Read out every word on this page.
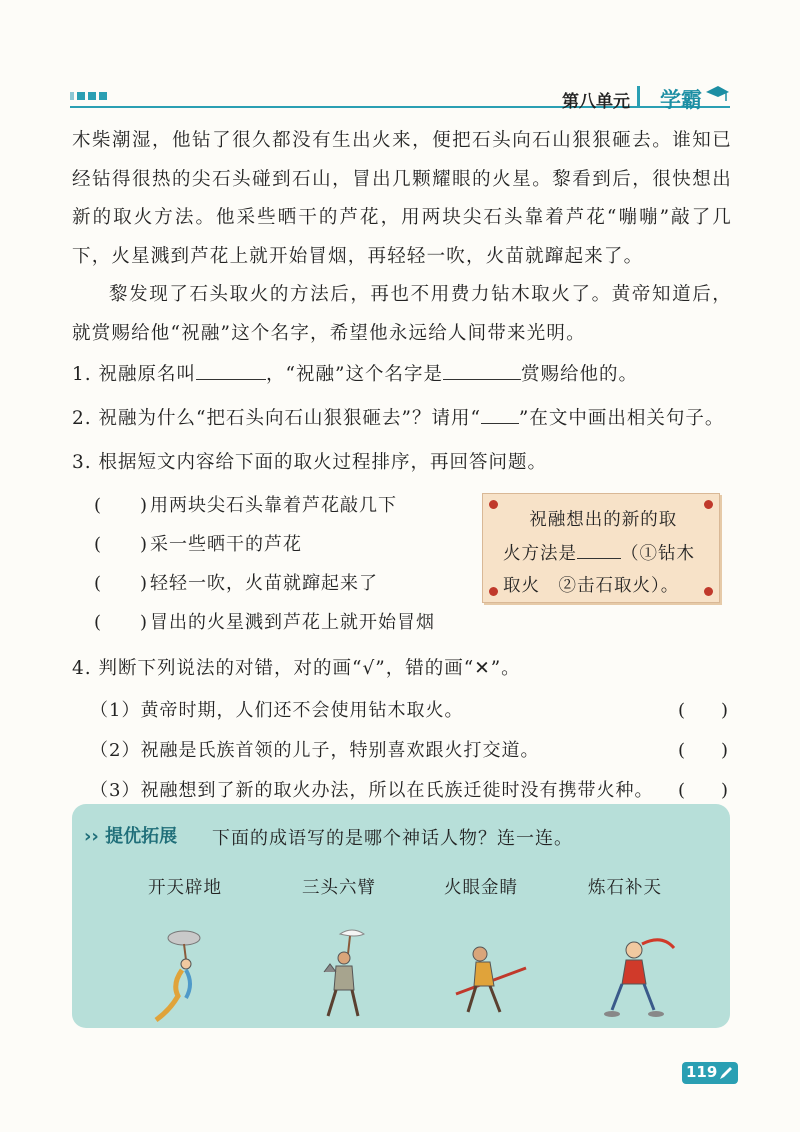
第八单元 学霸

木柴潮湿，他钻了很久都没有生出火来，便把石头向石山狠狠砸去。谁知已经钻得很热的尖石头碰到石山，冒出几颗耀眼的火星。黎看到后，很快想出新的取火方法。他采些晒干的芦花，用两块尖石头靠着芦花“嘣嘣”敲了几下，火星溅到芦花上就开始冒烟，再轻轻一吹，火苗就蹿起来了。

黎发现了石头取火的方法后，再也不用费力钻木取火了。黄帝知道后，就赏赐给他“祝融”这个名字，希望他永远给人间带来光明。

1. 祝融原名叫	，“祝融”这个名字是	赏赐给他的。
2. 祝融为什么“把石头向石山狠狠砸去”？请用“ ”在文中画出相关句子。
3. 根据短文内容给下面的取火过程排序，再回答问题。
( ) 用两块尖石头靠着芦花敲几下
( ) 采一些晒干的芦花
( ) 轻轻一吹，火苗就蹿起来了
( ) 冒出的火星溅到芦花上就开始冒烟
祝融想出的新的取
火方法是	（①钻木
取火　②击石取火）。
4. 判断下列说法的对错，对的画“√”，错的画“✕”。
（1）黄帝时期，人们还不会使用钻木取火。	(　　)
（2）祝融是氏族首领的儿子，特别喜欢跟火打交道。	(　　)
（3）祝融想到了新的取火办法，所以在氏族迁徙时没有携带火种。 (　　)
›› 提优拓展 下面的成语写的是哪个神话人物？连一连。
开天辟地	三头六臂	火眼金睛	炼石补天
119
